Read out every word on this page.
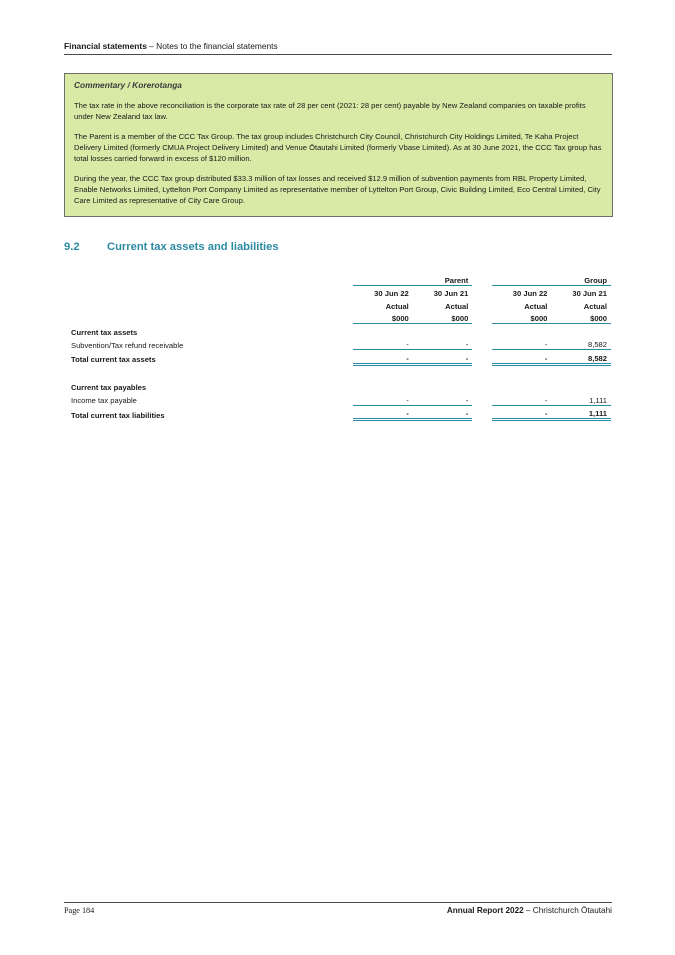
Financial statements – Notes to the financial statements
Commentary / Korerotanga

The tax rate in the above reconciliation is the corporate tax rate of 28 per cent (2021: 28 per cent) payable by New Zealand companies on taxable profits under New Zealand tax law.

The Parent is a member of the CCC Tax Group. The tax group includes Christchurch City Council, Christchurch City Holdings Limited, Te Kaha Project Delivery Limited (formerly CMUA Project Delivery Limited) and Venue Ōtautahi Limited (formerly Vbase Limited). As at 30 June 2021, the CCC Tax group has total losses carried forward in excess of $120 million.

During the year, the CCC Tax group distributed $33.3 million of tax losses and received $12.9 million of subvention payments from RBL Property Limited, Enable Networks Limited, Lyttelton Port Company Limited as representative member of Lyttelton Port Group, Civic Building Limited, Eco Central Limited, City Care Limited as representative of City Care Group.

9.2 Current tax assets and liabilities
	Parent			Group	
	30 Jun 22	30 Jun 21		30 Jun 22	30 Jun 21
	Actual	Actual		Actual	Actual
	$000	$000		$000	$000
Current tax assets					
Subvention/Tax refund receivable	-	-		-	8,582
Total current tax assets	-	-		-	8,582

Current tax payables					
Income tax payable	-	-		-	1,111
Total current tax liabilities	-	-		-	1,111
Page 184	Annual Report 2022 – Christchurch Ōtautahi
